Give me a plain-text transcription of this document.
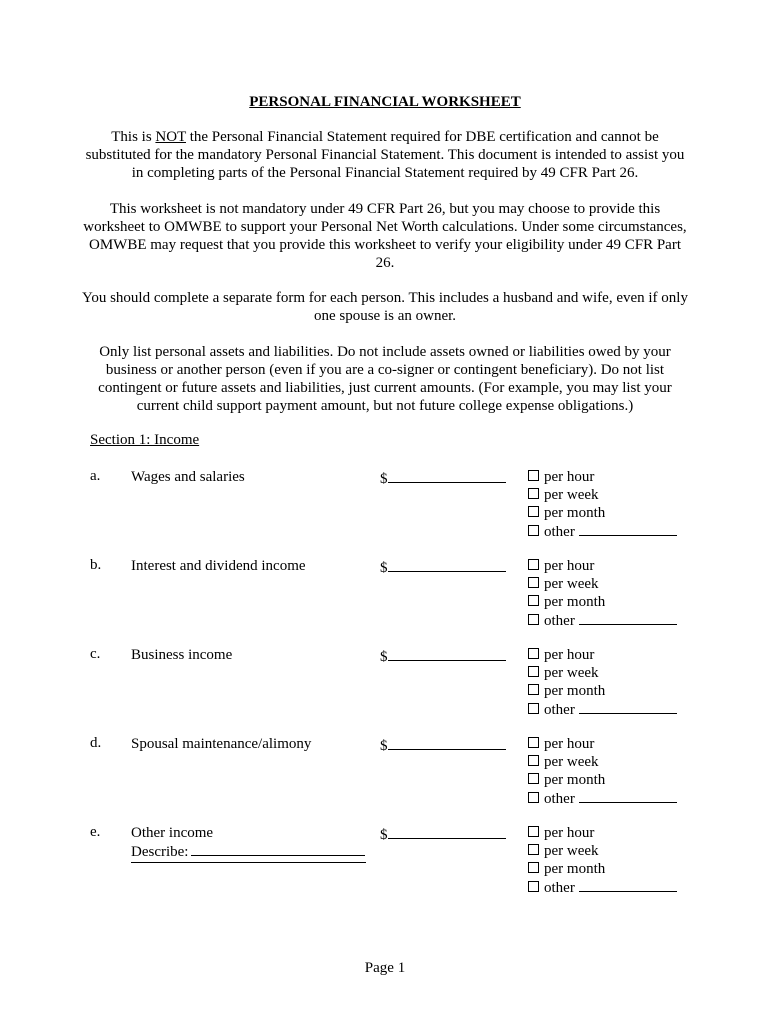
PERSONAL FINANCIAL WORKSHEET

This is NOT the Personal Financial Statement required for DBE certification and cannot be substituted for the mandatory Personal Financial Statement. This document is intended to assist you in completing parts of the Personal Financial Statement required by 49 CFR Part 26.

This worksheet is not mandatory under 49 CFR Part 26, but you may choose to provide this worksheet to OMWBE to support your Personal Net Worth calculations. Under some circumstances, OMWBE may request that you provide this worksheet to verify your eligibility under 49 CFR Part 26.

You should complete a separate form for each person. This includes a husband and wife, even if only one spouse is an owner.

Only list personal assets and liabilities. Do not include assets owned or liabilities owed by your business or another person (even if you are a co-signer or contingent beneficiary). Do not list contingent or future assets and liabilities, just current amounts. (For example, you may list your current child support payment amount, but not future college expense obligations.)

Section 1: Income
a. Wages and salaries	$	per hour
per week
per month
other
b. Interest and dividend income	$	per hour
per week
per month
other
c. Business income	$	per hour
per week
per month
other
d. Spousal maintenance/alimony	$	per hour
per week
per month
other
e. Other income
Describe:
$	per hour
per week
per month
other
Page 1
